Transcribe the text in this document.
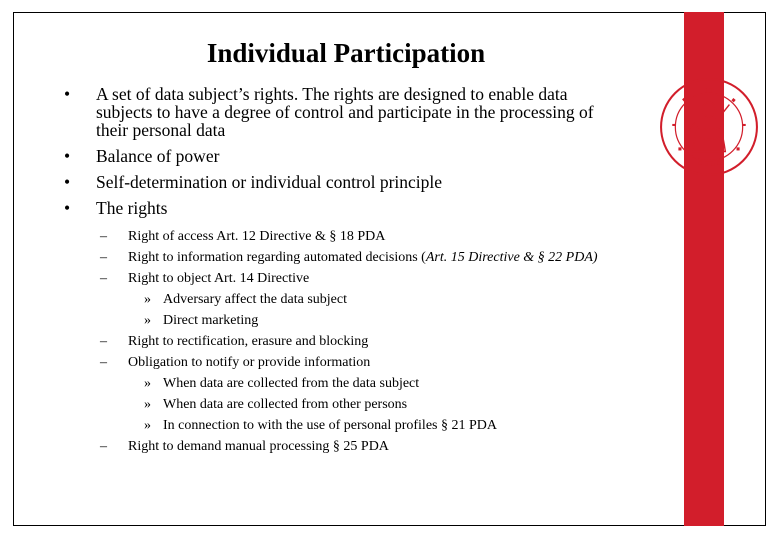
Individual Participation
• A set of data subject’s rights. The rights are designed to enable data subjects to have a degree of control and participate in the processing of their personal data
• Balance of power
• Self-determination or individual control principle
• The rights
– Right of access Art. 12 Directive & § 18 PDA
– Right to information regarding automated decisions (Art. 15 Directive & § 22 PDA)
– Right to object Art. 14 Directive
» Adversary affect the data subject
» Direct marketing
– Right to rectification, erasure and blocking
– Obligation to notify or provide information
» When data are collected from the data subject
» When data are collected from other persons
» In connection to with the use of personal profiles § 21 PDA
– Right to demand manual processing § 25 PDA
